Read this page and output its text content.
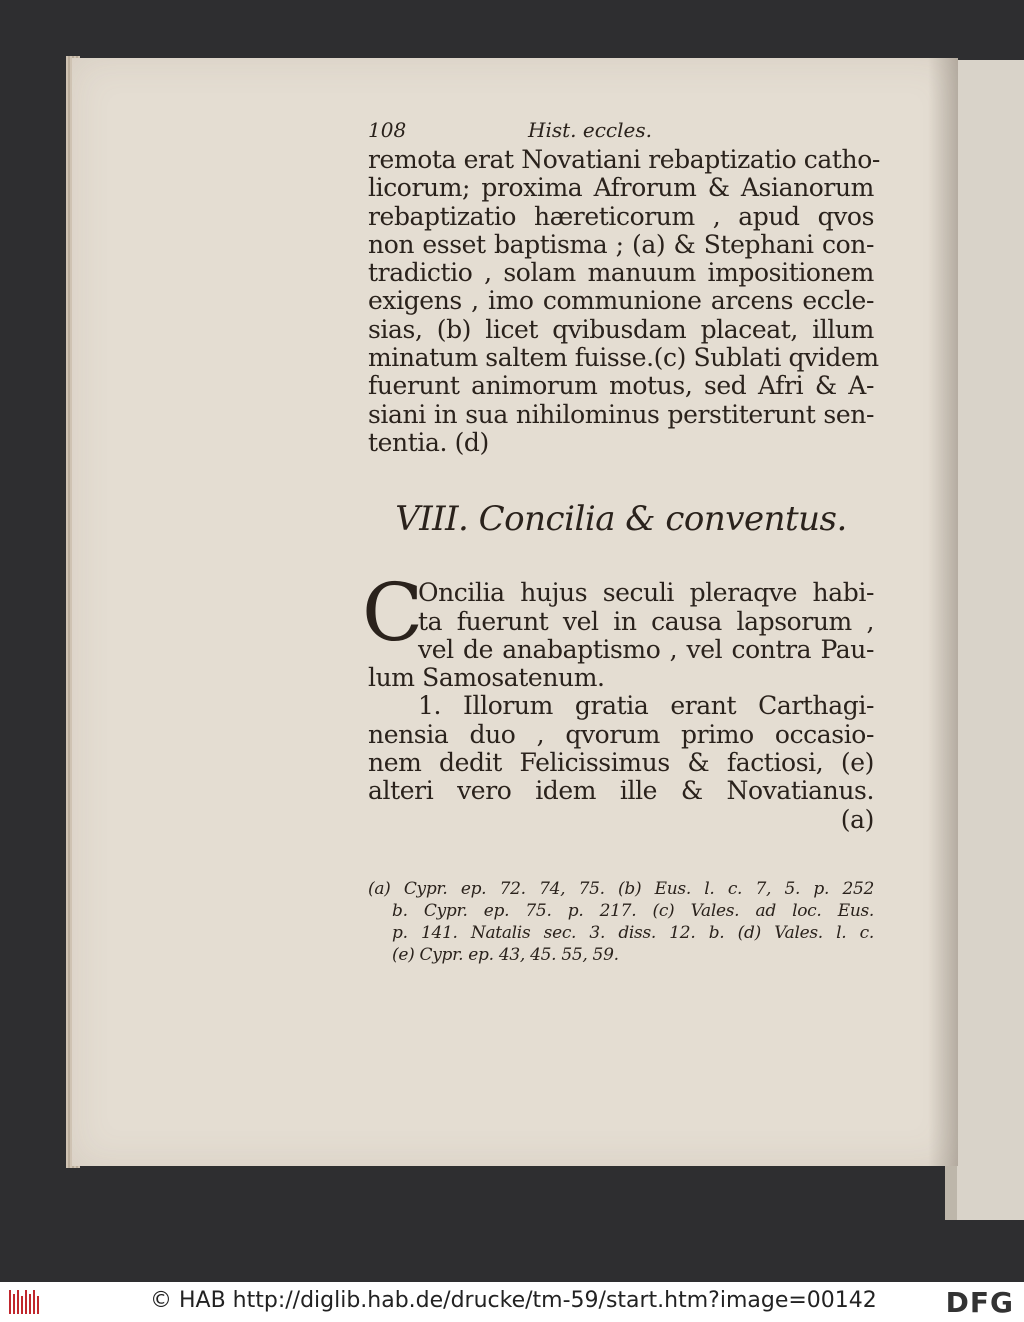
108	Hist. eccles.
remota erat Novatiani rebaptizatio catho-
licorum; proxima Afrorum & Asianorum
rebaptizatio hæreticorum , apud qvos
non esset baptisma ; (a) & Stephani con-
tradictio , solam manuum impositionem
exigens , imo communione arcens eccle-
sias, (b) licet qvibusdam placeat, illum
minatum saltem fuisse.(c) Sublati qvidem
fuerunt animorum motus, sed Afri & A-
siani in sua nihilominus perstiterunt sen-
tentia. (d)
VIII. Concilia & conventus.
C
Oncilia hujus seculi pleraqve habi-
ta fuerunt vel in causa lapsorum ,
vel de anabaptismo , vel contra Pau-
lum Samosatenum.
1. Illorum gratia erant Carthagi-
nensia duo , qvorum primo occasio-
nem dedit Felicissimus & factiosi, (e)
alteri vero idem ille & Novatianus.
(a)
(a) Cypr. ep. 72. 74, 75. (b) Eus. l. c. 7, 5. p. 252
b. Cypr. ep. 75. p. 217. (c) Vales. ad loc. Eus.
p. 141. Natalis sec. 3. diss. 12. b. (d) Vales. l. c.
(e) Cypr. ep. 43, 45. 55, 59.
© HAB http://diglib.hab.de/drucke/tm-59/start.htm?image=00142 DFG
